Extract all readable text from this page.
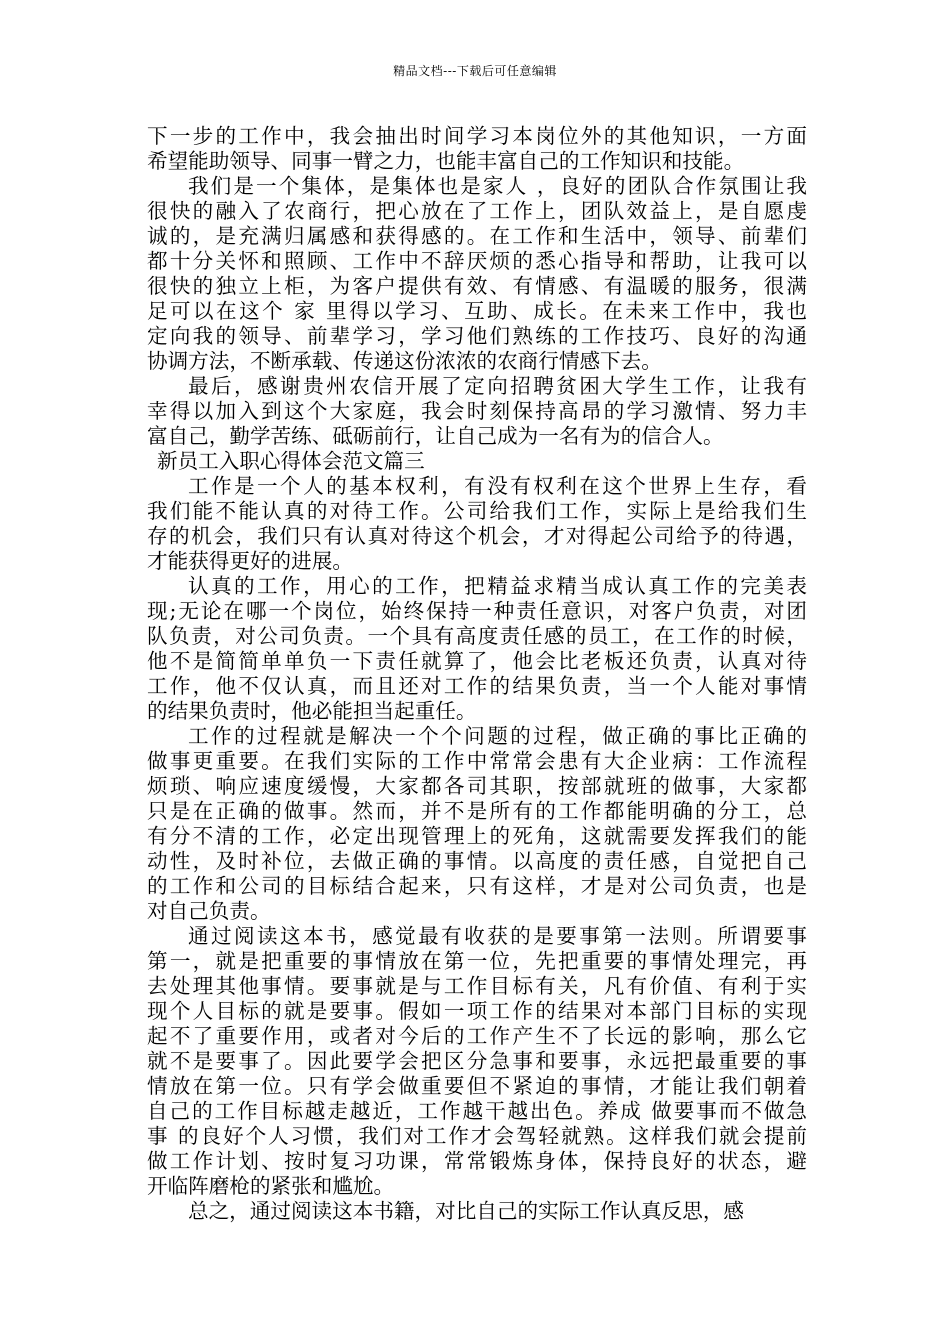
精品文档---下载后可任意编辑
下一步的工作中，我会抽出时间学习本岗位外的其他知识，一方面
希望能助领导、同事一臂之力，也能丰富自己的工作知识和技能。
我们是一个集体，是集体也是家人 ，良好的团队合作氛围让我
很快的融入了农商行，把心放在了工作上，团队效益上，是自愿虔
诚的，是充满归属感和获得感的。在工作和生活中，领导、前辈们
都十分关怀和照顾、工作中不辞厌烦的悉心指导和帮助，让我可以
很快的独立上柜，为客户提供有效、有情感、有温暖的服务，很满
足可以在这个 家 里得以学习、互助、成长。在未来工作中，我也
定向我的领导、前辈学习，学习他们熟练的工作技巧、良好的沟通
协调方法，不断承载、传递这份浓浓的农商行情感下去。
最后，感谢贵州农信开展了定向招聘贫困大学生工作，让我有
幸得以加入到这个大家庭，我会时刻保持高昂的学习激情、努力丰
富自己，勤学苦练、砥砺前行，让自己成为一名有为的信合人。
新员工入职心得体会范文篇三
工作是一个人的基本权利，有没有权利在这个世界上生存，看
我们能不能认真的对待工作。公司给我们工作，实际上是给我们生
存的机会，我们只有认真对待这个机会，才对得起公司给予的待遇，
才能获得更好的进展。
认真的工作，用心的工作，把精益求精当成认真工作的完美表
现;无论在哪一个岗位，始终保持一种责任意识，对客户负责，对团
队负责，对公司负责。一个具有高度责任感的员工，在工作的时候，
他不是简简单单负一下责任就算了，他会比老板还负责，认真对待
工作，他不仅认真，而且还对工作的结果负责，当一个人能对事情
的结果负责时，他必能担当起重任。
工作的过程就是解决一个个问题的过程，做正确的事比正确的
做事更重要。在我们实际的工作中常常会患有大企业病：工作流程
烦琐、响应速度缓慢，大家都各司其职，按部就班的做事，大家都
只是在正确的做事。然而，并不是所有的工作都能明确的分工，总
有分不清的工作，必定出现管理上的死角，这就需要发挥我们的能
动性，及时补位，去做正确的事情。以高度的责任感，自觉把自己
的工作和公司的目标结合起来，只有这样，才是对公司负责，也是
对自己负责。
通过阅读这本书，感觉最有收获的是要事第一法则。所谓要事
第一，就是把重要的事情放在第一位，先把重要的事情处理完，再
去处理其他事情。要事就是与工作目标有关，凡有价值、有利于实
现个人目标的就是要事。假如一项工作的结果对本部门目标的实现
起不了重要作用，或者对今后的工作产生不了长远的影响，那么它
就不是要事了。因此要学会把区分急事和要事，永远把最重要的事
情放在第一位。只有学会做重要但不紧迫的事情，才能让我们朝着
自己的工作目标越走越近，工作越干越出色。养成 做要事而不做急
事 的良好个人习惯，我们对工作才会驾轻就熟。这样我们就会提前
做工作计划、按时复习功课，常常锻炼身体，保持良好的状态，避
开临阵磨枪的紧张和尴尬。
总之，通过阅读这本书籍，对比自己的实际工作认真反思，感
